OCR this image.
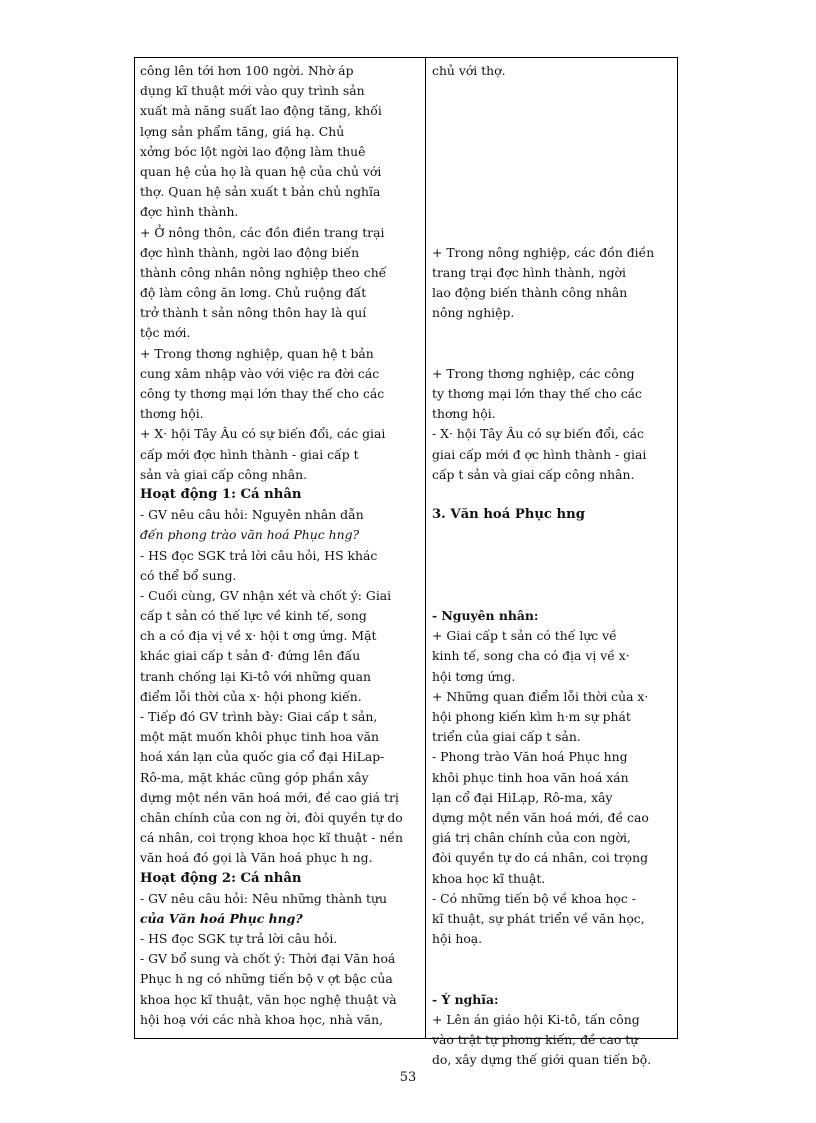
công lên tới hơn 100 ngời. Nhờ áp
dụng kĩ thuật mới vào quy trình sản
xuất mà năng suất lao động tăng, khối
lợng sản phẩm tăng, giá hạ. Chủ
xởng bóc lột ngời lao động làm thuê
quan hệ của họ là quan hệ của chủ với
thợ. Quan hệ sản xuất t bản chủ nghĩa
đợc hình thành.
+ Ở nông thôn, các đồn điền trang trại
đợc hình thành, ngời lao động biến
thành công nhân nông nghiệp theo chế
độ làm công ăn lơng. Chủ ruộng đất
trở thành t sản nông thôn hay là quí
tộc mới.
+ Trong thơng nghiệp, quan hệ t bản
cung xâm nhập vào với việc ra đời các
công ty thơng mại lớn thay thế cho các
thơng hội.
+ X· hội Tây Âu có sự biến đổi, các giai
cấp mới đợc hình thành - giai cấp t
sản và giai cấp công nhân.
Hoạt động 1: Cá nhân
- GV nêu câu hỏi: Nguyên nhân dẫn
đến phong trào văn hoá Phục hng?
- HS đọc SGK trả lời câu hỏi, HS khác
có thể bổ sung.
- Cuối cùng, GV nhận xét và chốt ý: Giai
cấp t sản có thế lực về kinh tế, song
ch a có địa vị về x· hội t ơng ứng. Mặt
khác giai cấp t sản đ· đứng lên đấu
tranh chống lại Ki-tô với những quan
điểm lỗi thời của x· hội phong kiến.
- Tiếp đó GV trình bày: Giai cấp t sản,
một mặt muốn khôi phục tinh hoa văn
hoá xán lạn của quốc gia cổ đại HiLap-
Rô-ma, mặt khác cũng góp phần xây
dựng một nền văn hoá mới, đề cao giá trị
chân chính của con ng ời, đòi quyền tự do
cá nhân, coi trọng khoa học kĩ thuật - nền
văn hoá đó gọi là Văn hoá phục h ng.
Hoạt động 2: Cá nhân
- GV nêu câu hỏi: Nêu những thành tựu
của Văn hoá Phục hng?
- HS đọc SGK tự trả lời câu hỏi.
- GV bổ sung và chốt ý: Thời đại Văn hoá
Phục h ng có những tiến bộ v ợt bậc của
khoa học kĩ thuật, văn học nghệ thuật và
hội hoạ với các nhà khoa học, nhà văn,
chủ với thợ.
+ Trong nông nghiệp, các đồn điền
trang trại đợc hình thành, ngời
lao động biến thành công nhân
nông nghiệp.
+ Trong thơng nghiệp, các công
ty thơng mại lớn thay thế cho các
thơng hội.
- X· hội Tây Âu có sự biến đổi, các
giai cấp mới đ ợc hình thành - giai
cấp t sản và giai cấp công nhân.
3. Văn hoá Phục hng
- Nguyên nhân:
+ Giai cấp t sản có thế lực về
kinh tế, song cha có địa vị về x·
hội tơng ứng.
+ Những quan điểm lỗi thời của x·
hội phong kiến kìm h·m sự phát
triển của giai cấp t sản.
- Phong trào Văn hoá Phục hng
khôi phục tinh hoa văn hoá xán
lạn cổ đại HiLạp, Rô-ma, xây
dựng một nền văn hoá mới, đề cao
giá trị chân chính của con ngời,
đòi quyền tự do cá nhân, coi trọng
khoa học kĩ thuật.
- Có những tiến bộ về khoa học -
kĩ thuật, sự phát triển về văn học,
hội hoạ.
- Ý nghĩa:
+ Lên án giáo hội Ki-tô, tấn công
vào trật tự phong kiến, đề cao tự
do, xây dựng thế giới quan tiến bộ.
53
